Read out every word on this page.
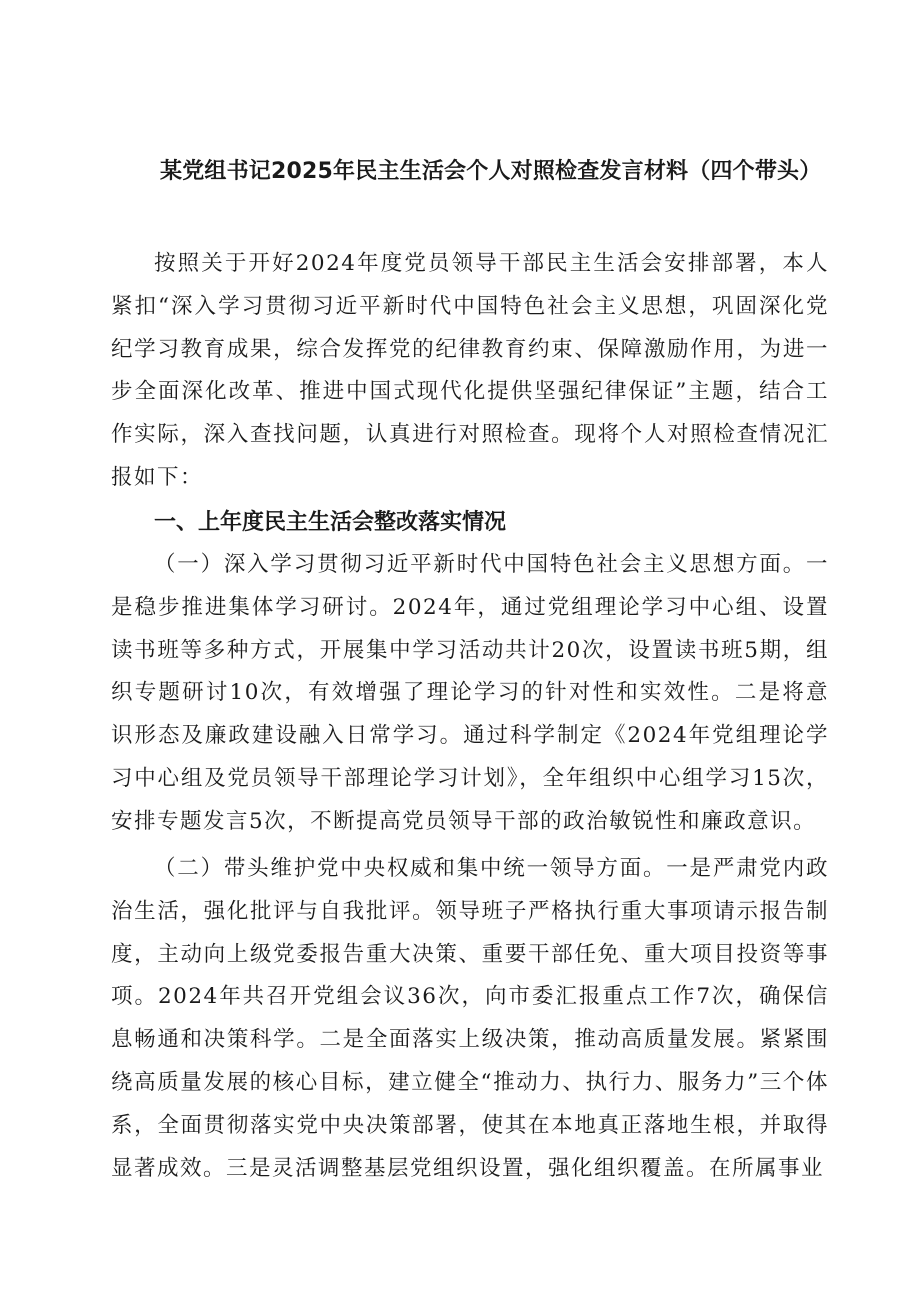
某党组书记2025年民主生活会个人对照检查发言材料（四个带头）

按照关于开好2024年度党员领导干部民主生活会安排部署，本人紧扣“深入学习贯彻习近平新时代中国特色社会主义思想，巩固深化党纪学习教育成果，综合发挥党的纪律教育约束、保障激励作用，为进一步全面深化改革、推进中国式现代化提供坚强纪律保证”主题，结合工作实际，深入查找问题，认真进行对照检查。现将个人对照检查情况汇报如下：

一、上年度民主生活会整改落实情况

（一）深入学习贯彻习近平新时代中国特色社会主义思想方面。一是稳步推进集体学习研讨。2024年，通过党组理论学习中心组、设置读书班等多种方式，开展集中学习活动共计20次，设置读书班5期，组织专题研讨10次，有效增强了理论学习的针对性和实效性。二是将意识形态及廉政建设融入日常学习。通过科学制定《2024年党组理论学习中心组及党员领导干部理论学习计划》，全年组织中心组学习15次，安排专题发言5次，不断提高党员领导干部的政治敏锐性和廉政意识。

（二）带头维护党中央权威和集中统一领导方面。一是严肃党内政治生活，强化批评与自我批评。领导班子严格执行重大事项请示报告制度，主动向上级党委报告重大决策、重要干部任免、重大项目投资等事项。2024年共召开党组会议36次，向市委汇报重点工作7次，确保信息畅通和决策科学。二是全面落实上级决策，推动高质量发展。紧紧围绕高质量发展的核心目标，建立健全“推动力、执行力、服务力”三个体系，全面贯彻落实党中央决策部署，使其在本地真正落地生根，并取得显著成效。三是灵活调整基层党组织设置，强化组织覆盖。在所属事业
